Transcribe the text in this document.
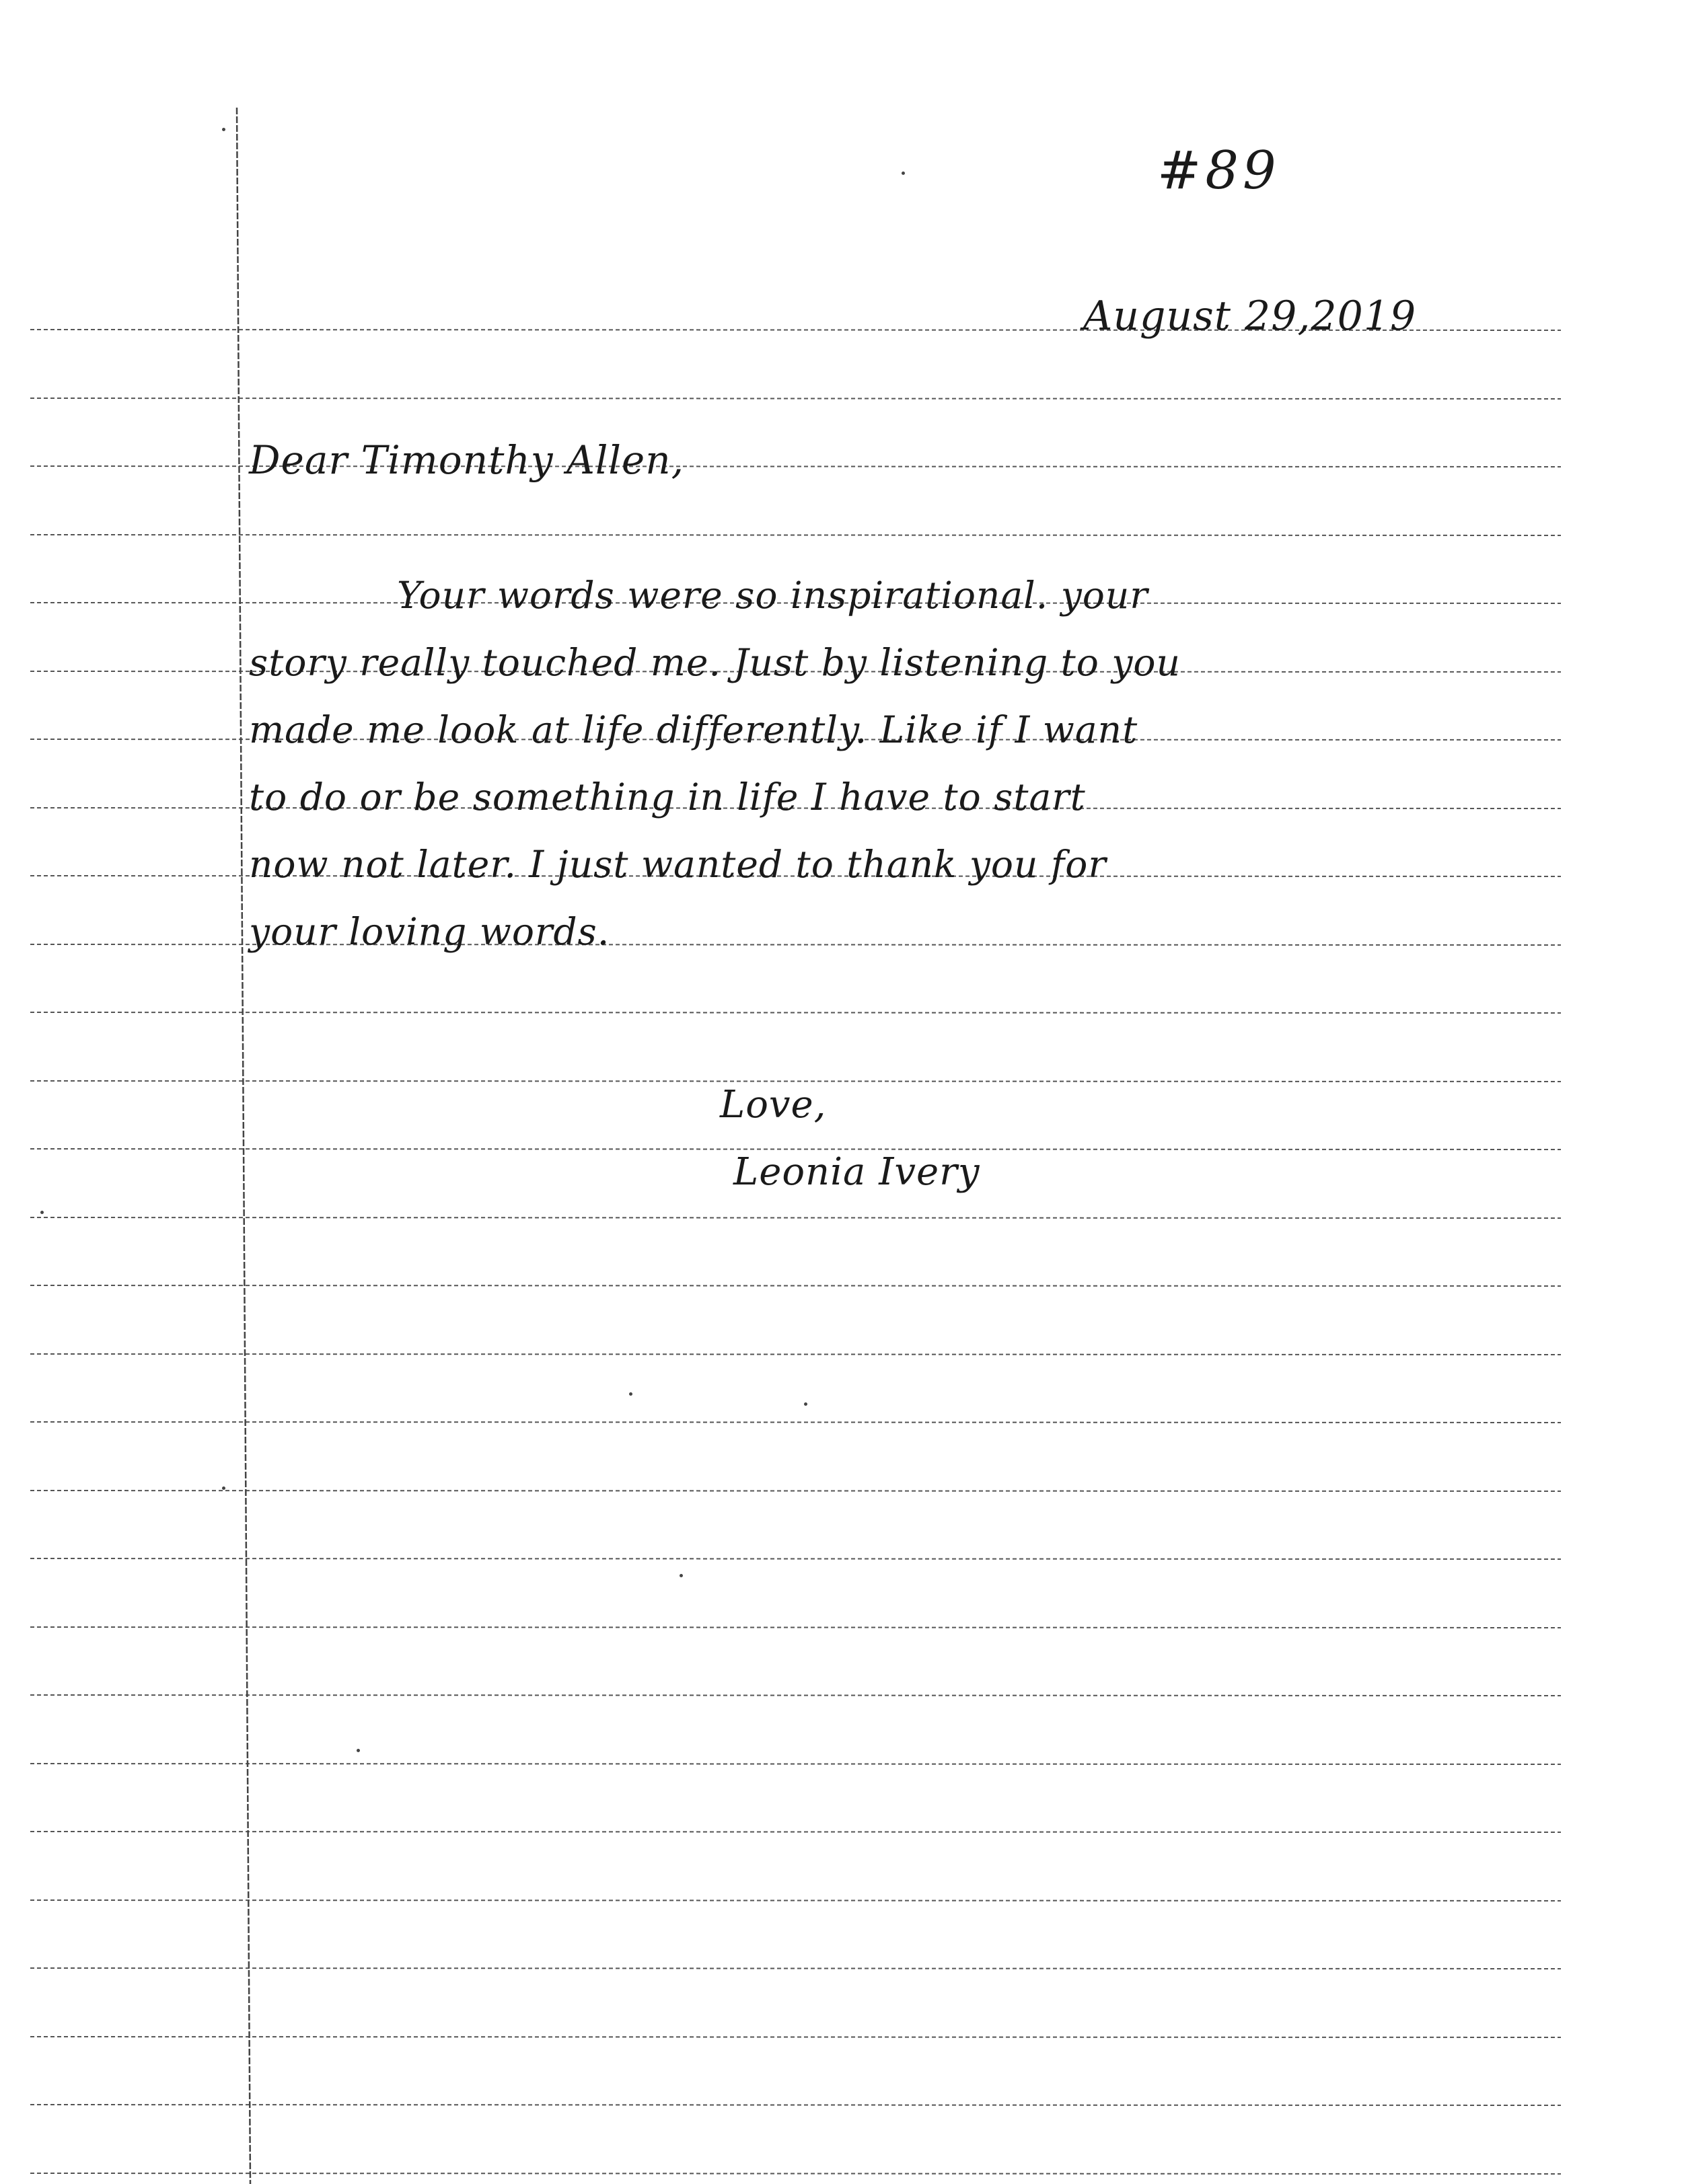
#89
August 29,2019
Dear Timonthy Allen,
Your words were so inspirational. your
story really touched me. Just by listening to you
made me look at life differently. Like if I want
to do or be something in life I have to start
now not later. I just wanted to thank you for
your loving words.
Love,
Leonia Ivery
